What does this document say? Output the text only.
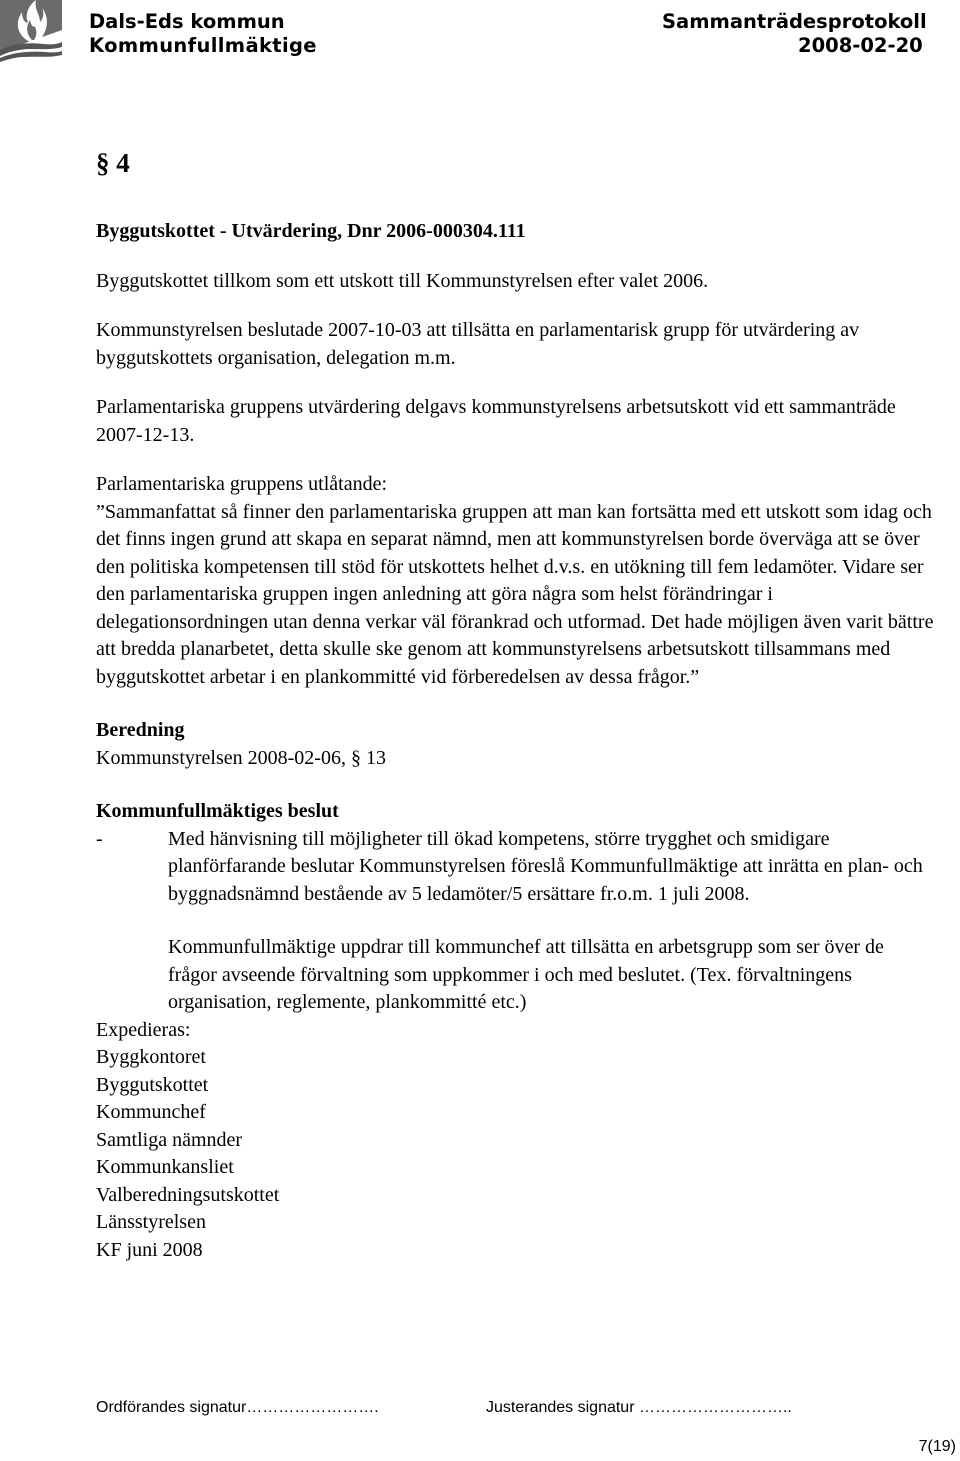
Dals-Eds kommun
Kommunfullmäktige
Sammanträdesprotokoll
2008-02-20

§ 4

Byggutskottet - Utvärdering, Dnr 2006-000304.111

Byggutskottet tillkom som ett utskott till Kommunstyrelsen efter valet 2006.

Kommunstyrelsen beslutade 2007-10-03 att tillsätta en parlamentarisk grupp för utvärdering av byggutskottets organisation, delegation m.m.

Parlamentariska gruppens utvärdering delgavs kommunstyrelsens arbetsutskott vid ett sammanträde 2007-12-13.

Parlamentariska gruppens utlåtande:

”Sammanfattat så finner den parlamentariska gruppen att man kan fortsätta med ett utskott som idag och det finns ingen grund att skapa en separat nämnd, men att kommunstyrelsen borde överväga att se över den politiska kompetensen till stöd för utskottets helhet d.v.s. en utökning till fem ledamöter. Vidare ser den parlamentariska gruppen ingen anledning att göra några som helst förändringar i delegationsordningen utan denna verkar väl förankrad och utformad. Det hade möjligen även varit bättre att bredda planarbetet, detta skulle ske genom att kommunstyrelsens arbetsutskott tillsammans med byggutskottet arbetar i en plankommitté vid förberedelsen av dessa frågor.”

Beredning

Kommunstyrelsen 2008-02-06, § 13

Kommunfullmäktiges beslut

-	Med hänvisning till möjligheter till ökad kompetens, större trygghet och smidigare planförfarande beslutar Kommunstyrelsen föreslå Kommunfullmäktige att inrätta en plan- och byggnadsnämnd bestående av 5 ledamöter/5 ersättare fr.o.m. 1 juli 2008.

Kommunfullmäktige uppdrar till kommunchef att tillsätta en arbetsgrupp som ser över de frågor avseende förvaltning som uppkommer i och med beslutet. (Tex. förvaltningens organisation, reglemente, plankommitté etc.)

Expedieras:

Byggkontoret
Byggutskottet
Kommunchef
Samtliga nämnder
Kommunkansliet
Valberedningsutskottet
Länsstyrelsen
KF juni 2008
Ordförandes signatur…………………….	Justerandes signatur ………………………..
7(19)
